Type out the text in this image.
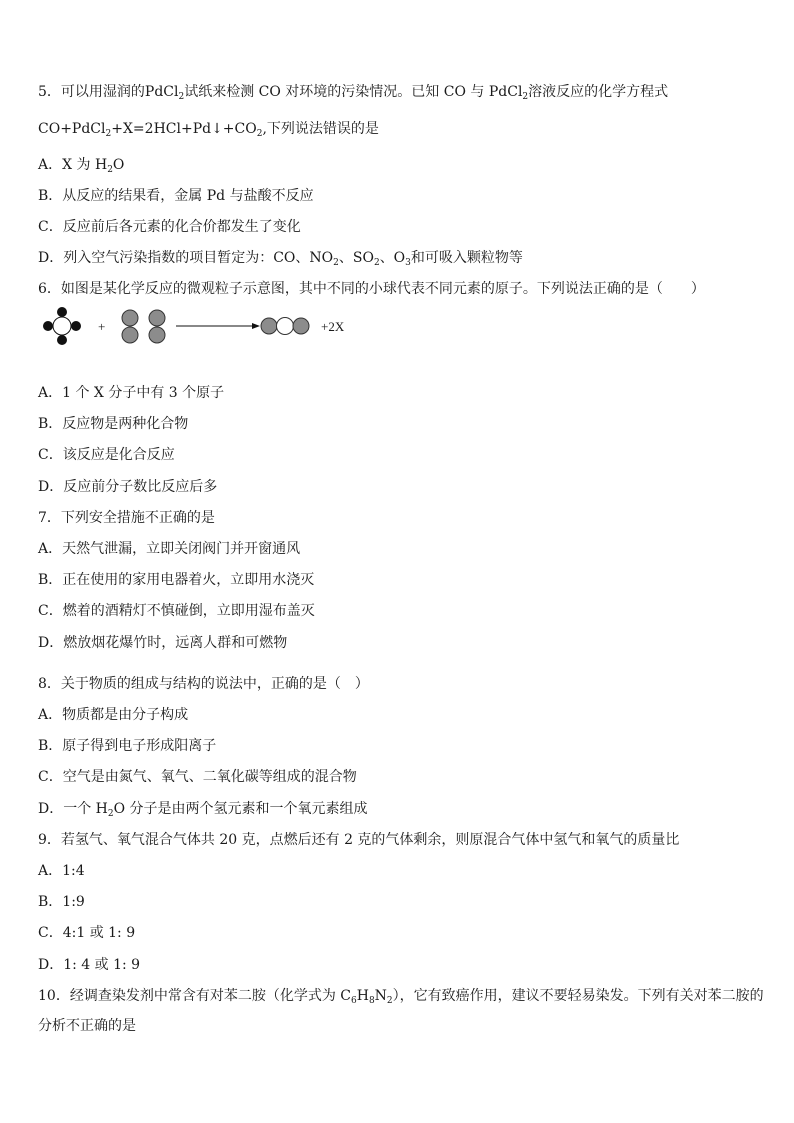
5．可以用湿润的PdCl$_2$试纸来检测 CO 对环境的污染情况。已知 CO 与 PdCl$_2$溶液反应的化学方程式
$CO+PdCl_2+X=2HCl+Pd↓+CO_2$,下列说法错误的是
A．X 为 $H_2O$
B．从反应的结果看，金属 Pd 与盐酸不反应
C．反应前后各元素的化合价都发生了变化
D．列入空气污染指数的项目暂定为：CO、$NO_2$、$SO_2$、$O_3$和可吸入颗粒物等
6．如图是某化学反应的微观粒子示意图，其中不同的小球代表不同元素的原子。下列说法正确的是（　　）
+	+2X
A．1 个 X 分子中有 3 个原子
B．反应物是两种化合物
C．该反应是化合反应
D．反应前分子数比反应后多
7．下列安全措施不正确的是
A．天然气泄漏，立即关闭阀门并开窗通风
B．正在使用的家用电器着火，立即用水浇灭
C．燃着的酒精灯不慎碰倒，立即用湿布盖灭
D．燃放烟花爆竹时，远离人群和可燃物
8．关于物质的组成与结构的说法中，正确的是（　）
A．物质都是由分子构成
B．原子得到电子形成阳离子
C．空气是由氮气、氧气、二氧化碳等组成的混合物
D．一个 $H_2O$ 分子是由两个氢元素和一个氧元素组成
9．若氢气、氧气混合气体共 20 克，点燃后还有 2 克的气体剩余，则原混合气体中氢气和氧气的质量比
A．1:4
B．1:9
C．4:1 或 1: 9
D．1: 4 或 1: 9
10．经调查染发剂中常含有对苯二胺（化学式为 $C_6H_8N_2$），它有致癌作用，建议不要轻易染发。下列有关对苯二胺的
分析不正确的是
